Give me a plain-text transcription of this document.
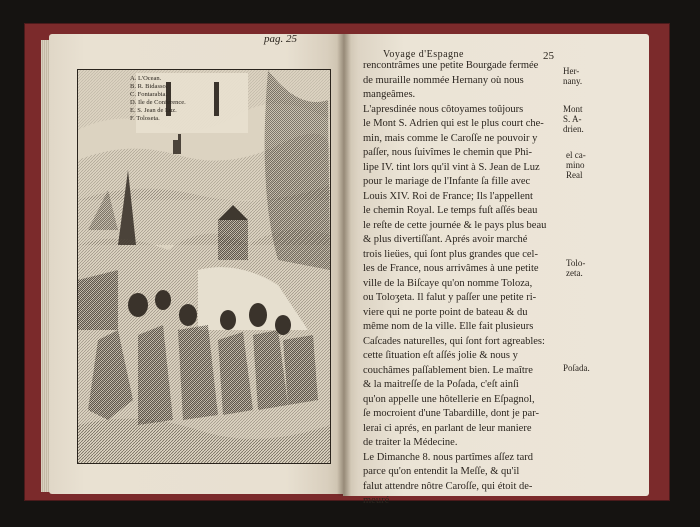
pag. 25
A. L'Ocean.
B. R. Bidasso.
C. Fontarabia.
D. Ile de Conference.
E. S. Jean de Luz.
F. Toloseta.
Voyage d'Espagne	25
rencontrâmes une petite Bourgade fermée
de muraille nommée Hernany où nous
mangeâmes.
L'apresdinée nous côtoyames toûjours
le Mont S. Adrien qui est le plus court che-
min, mais comme le Caroſſe ne pouvoir y
paſſer, nous ſuivîmes le chemin que Phi-
lipe IV. tint lors qu'il vint à S. Jean de Luz
pour le mariage de l'Infante ſa fille avec
Louis XIV. Roi de France; Ils l'appellent
le chemin Royal. Le temps fuſt aſſés beau
le reſte de cette journée & le pays plus beau
& plus divertiſſant. Aprés avoir marché
trois lieües, qui ſont plus grandes que cel-
les de France, nous arrivâmes à une petite
ville de la Biſcaye qu'on nomme Toloza,
ou Toloʒeta. Il falut y paſſer une petite ri-
viere qui ne porte point de bateau & du
même nom de la ville. Elle fait plusieurs
Caſcades naturelles, qui ſont fort agreables:
cette ſituation eſt aſſés jolie & nous y
couchâmes paſſablement bien. Le maître
& la maitreſſe de la Poſada, c'eſt ainſi
qu'on appelle une hôtellerie en Eſpagnol,
ſe mocroient d'une Tabardille, dont je par-
lerai ci aprés, en parlant de leur maniere
de traiter la Médecine.
Le Dimanche 8. nous partîmes aſſez tard
parce qu'on entendit la Meſſe, & qu'il
falut attendre nôtre Caroſſe, qui étoit de-
meuré
Her-
nany.
Mont
S. A-
drien.
el ca-
mino
Real
Tolo-
zeta.
Poſada.
